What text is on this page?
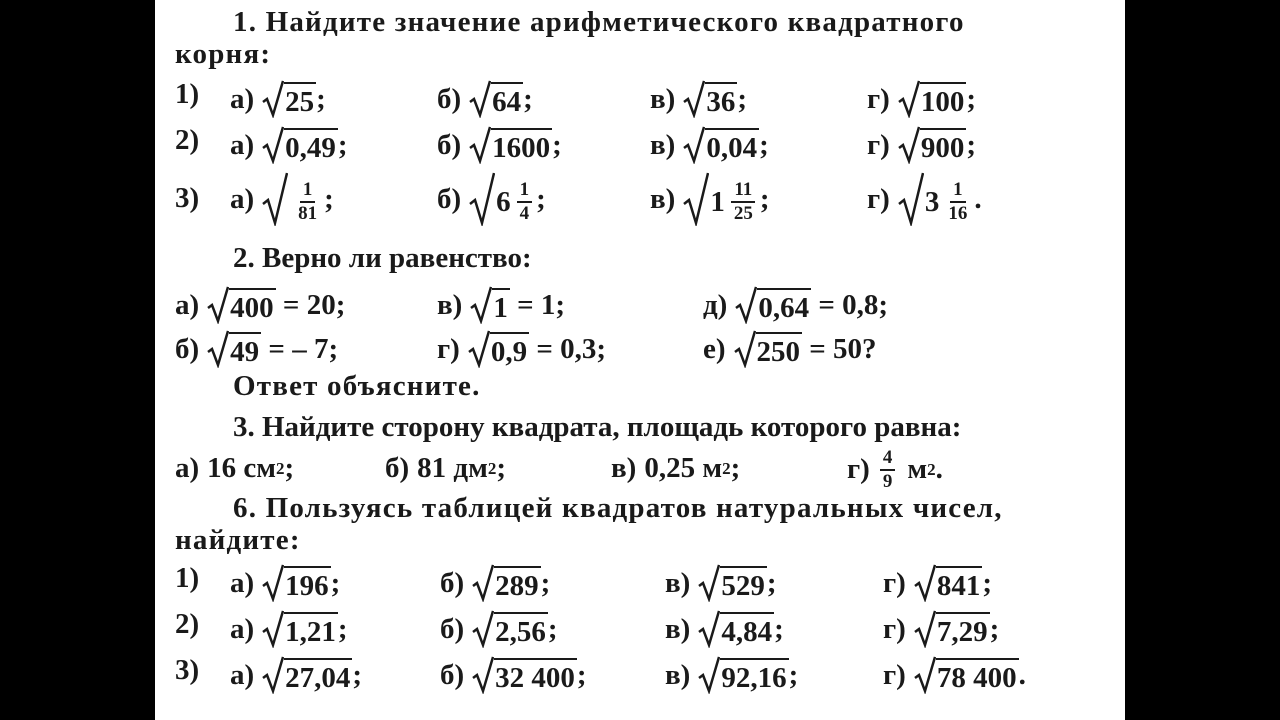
1. Найдите значение арифметического квадратного
корня:
1) а) 25 ;	б) 64 ;	в) 36 ;	г) 100 ;
2) а) 0,49 ;	б) 1600 ;	в) 0,04 ;	г) 900 ;
3) $а) \frac{1}{81}$ ;	б) $6 \frac{1}{4}$ ;	в) $1 \frac{11}{25}$ ;	г) $3 \frac{1}{16}$ .
2. Верно ли равенство:
а) 400 = 20;	в) 1 = 1;	д) 0,64 = 0,8;
б) 49 = – 7;	г) 0,9 = 0,3;	е) 250 = 50?
Ответ объясните.
3. Найдите сторону квадрата, площадь которого равна:
а) 16 см 2 ;	б) 81 дм 2 ;	в) 0,25 м 2 ;	$г) \frac{4}{9}$ м 2 .
6. Пользуясь таблицей квадратов натуральных чисел,
найдите:
1) а) 196 ;	б) 289 ;	в) 529 ;	г) 841 ;
2) а) 1,21 ;	б) 2,56 ;	в) 4,84 ;	г) 7,29 ;
3) а) 27,04 ;	б) 32 400 ;	в) 92,16 ;	г) 78 400 .
